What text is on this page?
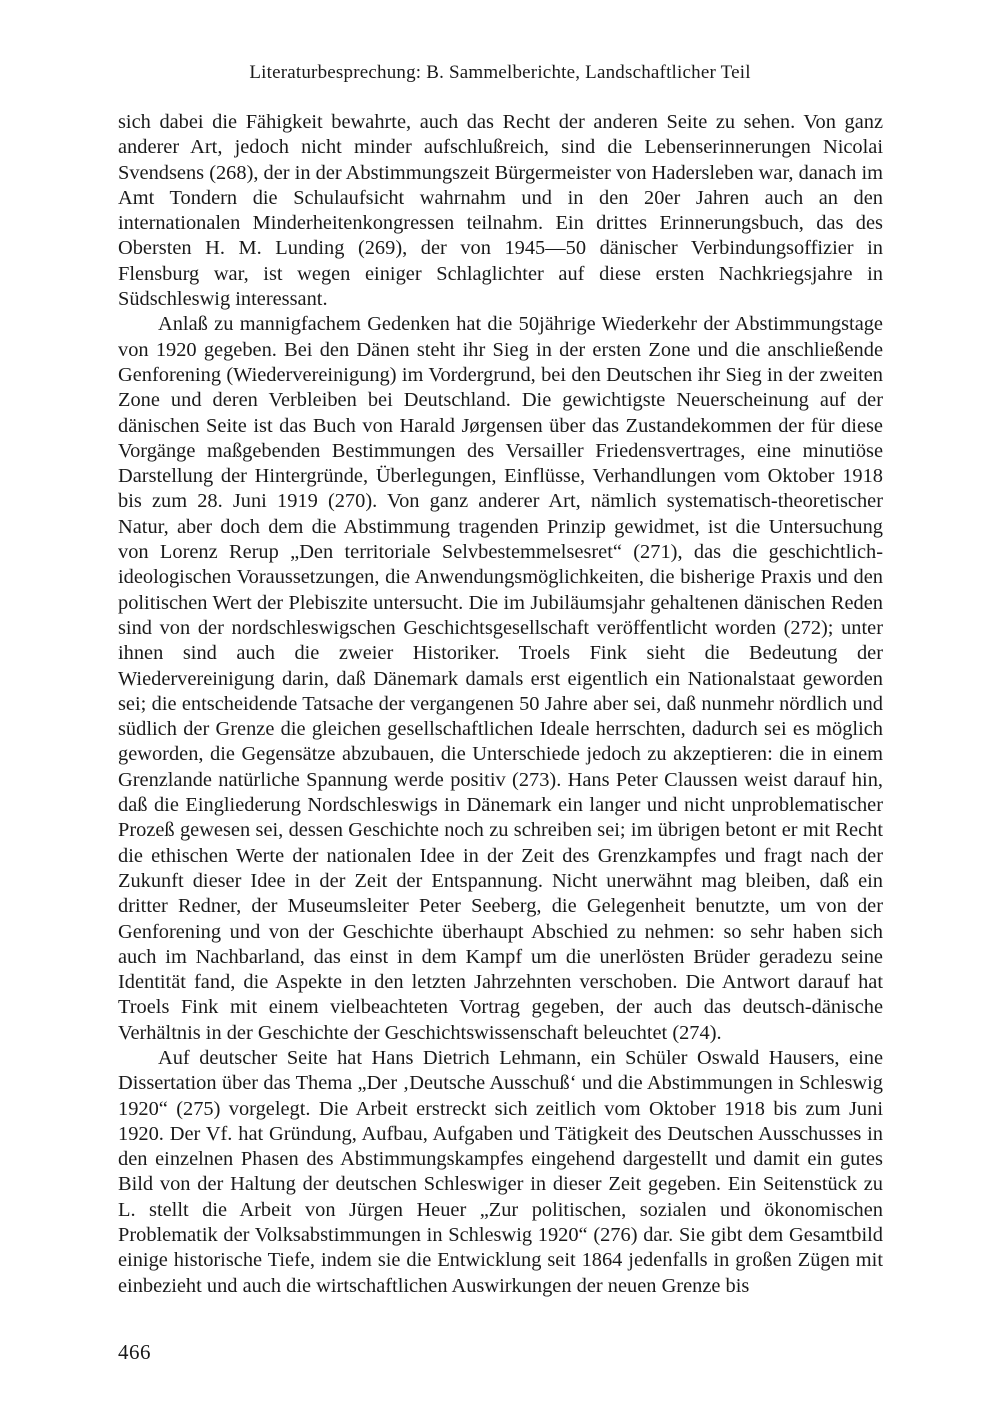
Literaturbesprechung: B. Sammelberichte, Landschaftlicher Teil

sich dabei die Fähigkeit bewahrte, auch das Recht der anderen Seite zu sehen. Von ganz anderer Art, jedoch nicht minder aufschlußreich, sind die Lebenserinnerungen Nicolai Svendsens (268), der in der Abstimmungszeit Bürgermeister von Hadersleben war, danach im Amt Tondern die Schulaufsicht wahrnahm und in den 20er Jahren auch an den internationalen Minderheitenkongressen teilnahm. Ein drittes Erinnerungsbuch, das des Obersten H. M. Lunding (269), der von 1945—50 dänischer Verbindungsoffizier in Flensburg war, ist wegen einiger Schlaglichter auf diese ersten Nachkriegsjahre in Südschleswig interessant.

Anlaß zu mannigfachem Gedenken hat die 50jährige Wiederkehr der Abstimmungstage von 1920 gegeben. Bei den Dänen steht ihr Sieg in der ersten Zone und die anschließende Genforening (Wiedervereinigung) im Vordergrund, bei den Deutschen ihr Sieg in der zweiten Zone und deren Verbleiben bei Deutschland. Die gewichtigste Neuerscheinung auf der dänischen Seite ist das Buch von Harald Jørgensen über das Zustandekommen der für diese Vorgänge maßgebenden Bestimmungen des Versailler Friedensvertrages, eine minutiöse Darstellung der Hintergründe, Überlegungen, Einflüsse, Verhandlungen vom Oktober 1918 bis zum 28. Juni 1919 (270). Von ganz anderer Art, nämlich systematisch-theoretischer Natur, aber doch dem die Abstimmung tragenden Prinzip gewidmet, ist die Untersuchung von Lorenz Rerup „Den territoriale Selvbestemmelsesret“ (271), das die geschichtlich-ideologischen Voraussetzungen, die Anwendungsmöglichkeiten, die bisherige Praxis und den politischen Wert der Plebiszite untersucht. Die im Jubiläumsjahr gehaltenen dänischen Reden sind von der nordschleswigschen Geschichtsgesellschaft veröffentlicht worden (272); unter ihnen sind auch die zweier Historiker. Troels Fink sieht die Bedeutung der Wiedervereinigung darin, daß Dänemark damals erst eigentlich ein Nationalstaat geworden sei; die entscheidende Tatsache der vergangenen 50 Jahre aber sei, daß nunmehr nördlich und südlich der Grenze die gleichen gesellschaftlichen Ideale herrschten, dadurch sei es möglich geworden, die Gegensätze abzubauen, die Unterschiede jedoch zu akzeptieren: die in einem Grenzlande natürliche Spannung werde positiv (273). Hans Peter Claussen weist darauf hin, daß die Eingliederung Nordschleswigs in Dänemark ein langer und nicht unproblematischer Prozeß gewesen sei, dessen Geschichte noch zu schreiben sei; im übrigen betont er mit Recht die ethischen Werte der nationalen Idee in der Zeit des Grenzkampfes und fragt nach der Zukunft dieser Idee in der Zeit der Entspannung. Nicht unerwähnt mag bleiben, daß ein dritter Redner, der Museumsleiter Peter Seeberg, die Gelegenheit benutzte, um von der Genforening und von der Geschichte überhaupt Abschied zu nehmen: so sehr haben sich auch im Nachbarland, das einst in dem Kampf um die unerlösten Brüder geradezu seine Identität fand, die Aspekte in den letzten Jahrzehnten verschoben. Die Antwort darauf hat Troels Fink mit einem vielbeachteten Vortrag gegeben, der auch das deutsch-dänische Verhältnis in der Geschichte der Geschichtswissenschaft beleuchtet (274).

Auf deutscher Seite hat Hans Dietrich Lehmann, ein Schüler Oswald Hausers, eine Dissertation über das Thema „Der ‚Deutsche Ausschuß‘ und die Abstimmungen in Schleswig 1920“ (275) vorgelegt. Die Arbeit erstreckt sich zeitlich vom Oktober 1918 bis zum Juni 1920. Der Vf. hat Gründung, Aufbau, Aufgaben und Tätigkeit des Deutschen Ausschusses in den einzelnen Phasen des Abstimmungskampfes eingehend dargestellt und damit ein gutes Bild von der Haltung der deutschen Schleswiger in dieser Zeit gegeben. Ein Seitenstück zu L. stellt die Arbeit von Jürgen Heuer „Zur politischen, sozialen und ökonomischen Problematik der Volksabstimmungen in Schleswig 1920“ (276) dar. Sie gibt dem Gesamtbild einige historische Tiefe, indem sie die Entwicklung seit 1864 jedenfalls in großen Zügen mit einbezieht und auch die wirtschaftlichen Auswirkungen der neuen Grenze bis

466
